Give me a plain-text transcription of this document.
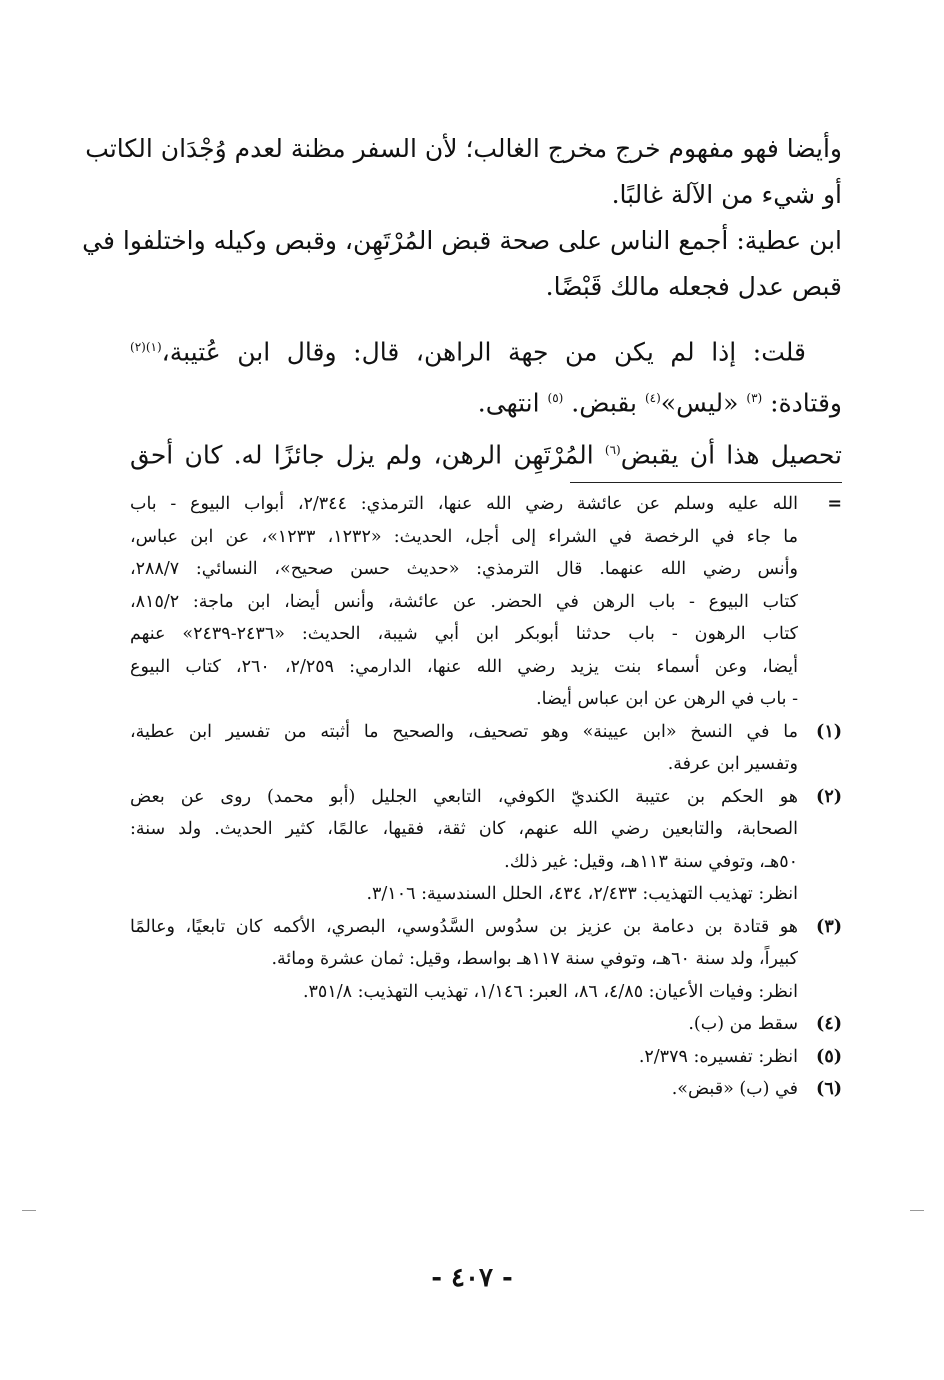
وأيضا فهو مفهوم خرج مخرج الغالب؛ لأن السفر مظنة لعدم وُجْدَان الكاتب
أو شيء من الآلة غالبًا.
ابن عطية: أجمع الناس على صحة قبض المُرْتَهِن، وقبص وكيله واختلفوا في
قبص عدل فجعله مالك قَبْضًا.
قلت: إذا لم يكن من جهة الراهن، قال: وقال ابن عُتيبة،$^{(١)(٢)}$
وقتادة: $^{(٣)}$ «ليس»$^{(٤)}$ بقبض. $^{(٥)}$ انتهى.
تحصيل هذا أن يقبض$^{(٦)}$ المُرْتَهِن الرهن، ولم يزل جائزًا له. كان أحق
=
الله عليه وسلم عن عائشة رضي الله عنها، الترمذي: ٢/٣٤٤، أبواب البيوع - باب
ما جاء في الرخصة في الشراء إلى أجل، الحديث: «١٢٣٢، ١٢٣٣»، عن ابن عباس،
وأنس رضي الله عنهما. قال الترمذي: «حديث حسن صحيح»، النسائي: ٢٨٨/٧،
كتاب البيوع - باب الرهن في الحضر. عن عائشة، وأنس أيضا، ابن ماجة: ٨١٥/٢،
كتاب الرهون - باب حدثنا أبوبكر ابن أبي شيبة، الحديث: «٢٤٣٦-٢٤٣٩» عنهم
أيضا، وعن أسماء بنت يزيد رضي الله عنها، الدارمي: ٢/٢٥٩، ٢٦٠، كتاب البيوع
- باب في الرهن عن ابن عباس أيضا.
(١)
ما في النسخ «ابن عيينة» وهو تصحيف، والصحيح ما أثبته من تفسير ابن عطية،
وتفسير ابن عرفة.
(٢)
هو الحكم بن عتيبة الكنديّ الكوفي، التابعي الجليل (أبو محمد) روى عن بعض
الصحابة، والتابعين رضي الله عنهم، كان ثقة، فقيها، عالمًا، كثير الحديث. ولد سنة:
٥٠هـ، وتوفي سنة ١١٣هـ، وقيل: غير ذلك.
انظر: تهذيب التهذيب: ٢/٤٣٣، ٤٣٤، الحلل السندسية: ٣/١٠٦.
(٣)
هو قتادة بن دعامة بن عزيز بن سدُوس السَّدُوسي، البصري، الأكمه كان تابعيًا، وعالمًا
كبيراً، ولد سنة ٦٠هـ، وتوفي سنة ١١٧هـ بواسط، وقيل: ثمان عشرة ومائة.
انظر: وفيات الأعيان: ٤/٨٥، ٨٦، العبر: ١/١٤٦، تهذيب التهذيب: ٣٥١/٨.
(٤)
سقط من (ب).
(٥)
انظر: تفسيره: ٢/٣٧٩.
(٦)
في (ب) «قبض».
- ٤٠٧ -
